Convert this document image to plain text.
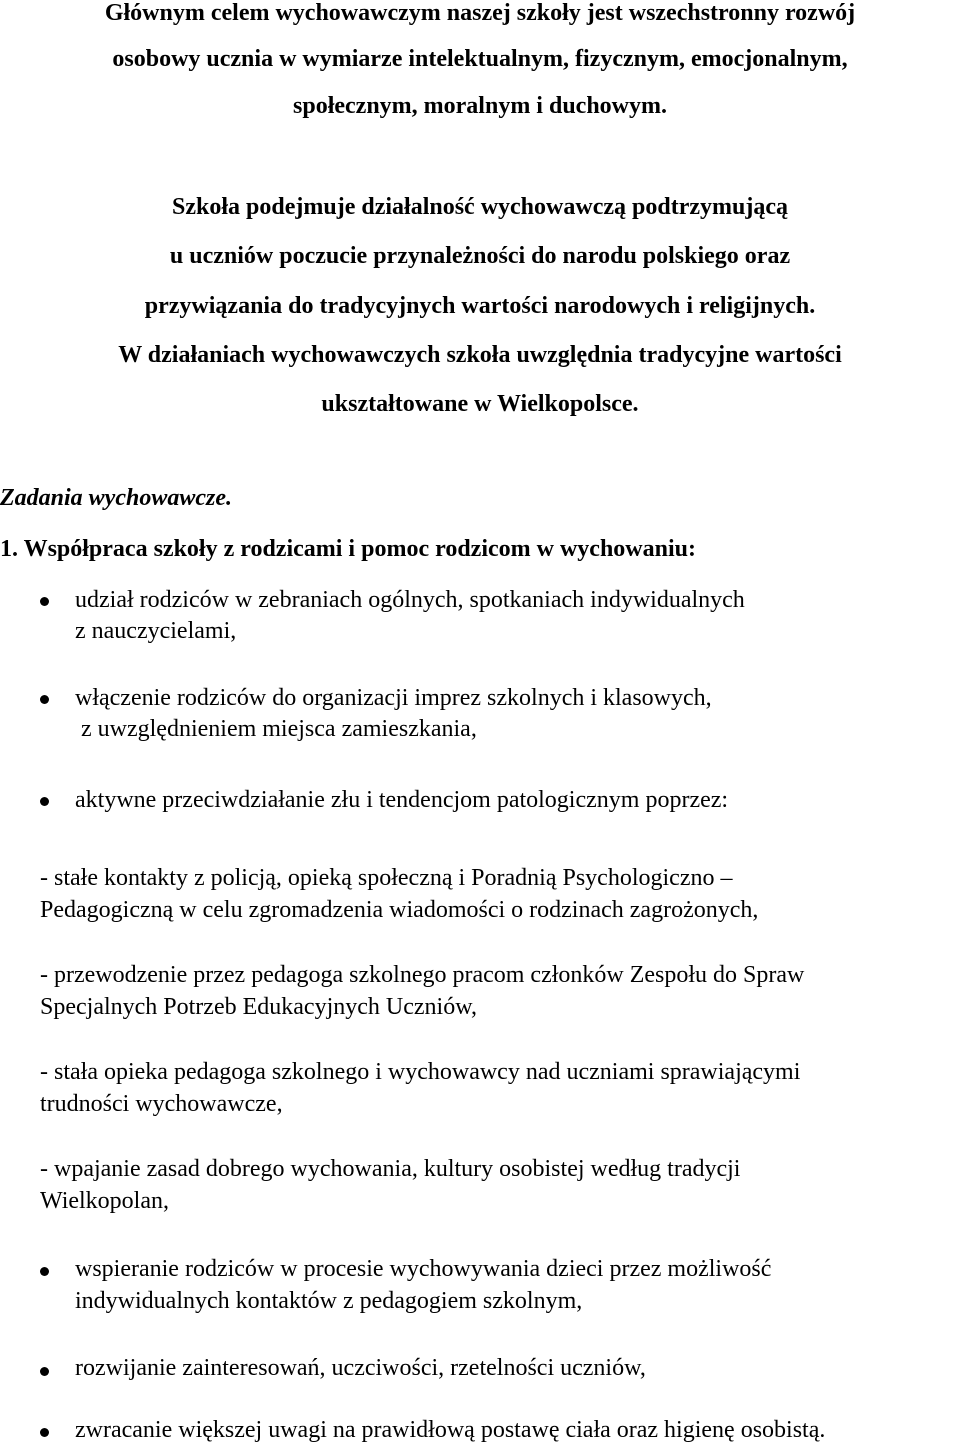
Głównym celem wychowawczym naszej szkoły jest wszechstronny rozwój
osobowy ucznia w wymiarze intelektualnym, fizycznym, emocjonalnym,
społecznym, moralnym i duchowym.
Szkoła podejmuje działalność wychowawczą podtrzymującą
u uczniów poczucie przynależności do narodu polskiego oraz
przywiązania do tradycyjnych wartości narodowych i religijnych.
W działaniach wychowawczych szkoła uwzględnia tradycyjne wartości
ukształtowane w Wielkopolsce.
Zadania wychowawcze.
1. Współpraca szkoły z rodzicami i pomoc rodzicom w wychowaniu:
udział rodziców w zebraniach ogólnych, spotkaniach indywidualnych
z nauczycielami,
włączenie rodziców do organizacji imprez szkolnych i klasowych,
z uwzględnieniem miejsca zamieszkania,
aktywne przeciwdziałanie złu i tendencjom patologicznym poprzez:
- stałe kontakty z policją, opieką społeczną i Poradnią Psychologiczno –
Pedagogiczną w celu zgromadzenia wiadomości o rodzinach zagrożonych,
- przewodzenie przez pedagoga szkolnego pracom członków Zespołu do Spraw
Specjalnych Potrzeb Edukacyjnych Uczniów,
- stała opieka pedagoga szkolnego i wychowawcy nad uczniami sprawiającymi
trudności wychowawcze,
- wpajanie zasad dobrego wychowania, kultury osobistej według tradycji
Wielkopolan,
wspieranie rodziców w procesie wychowywania dzieci przez możliwość
indywidualnych kontaktów z pedagogiem szkolnym,
rozwijanie zainteresowań, uczciwości, rzetelności uczniów,
zwracanie większej uwagi na prawidłową postawę ciała oraz higienę osobistą.
